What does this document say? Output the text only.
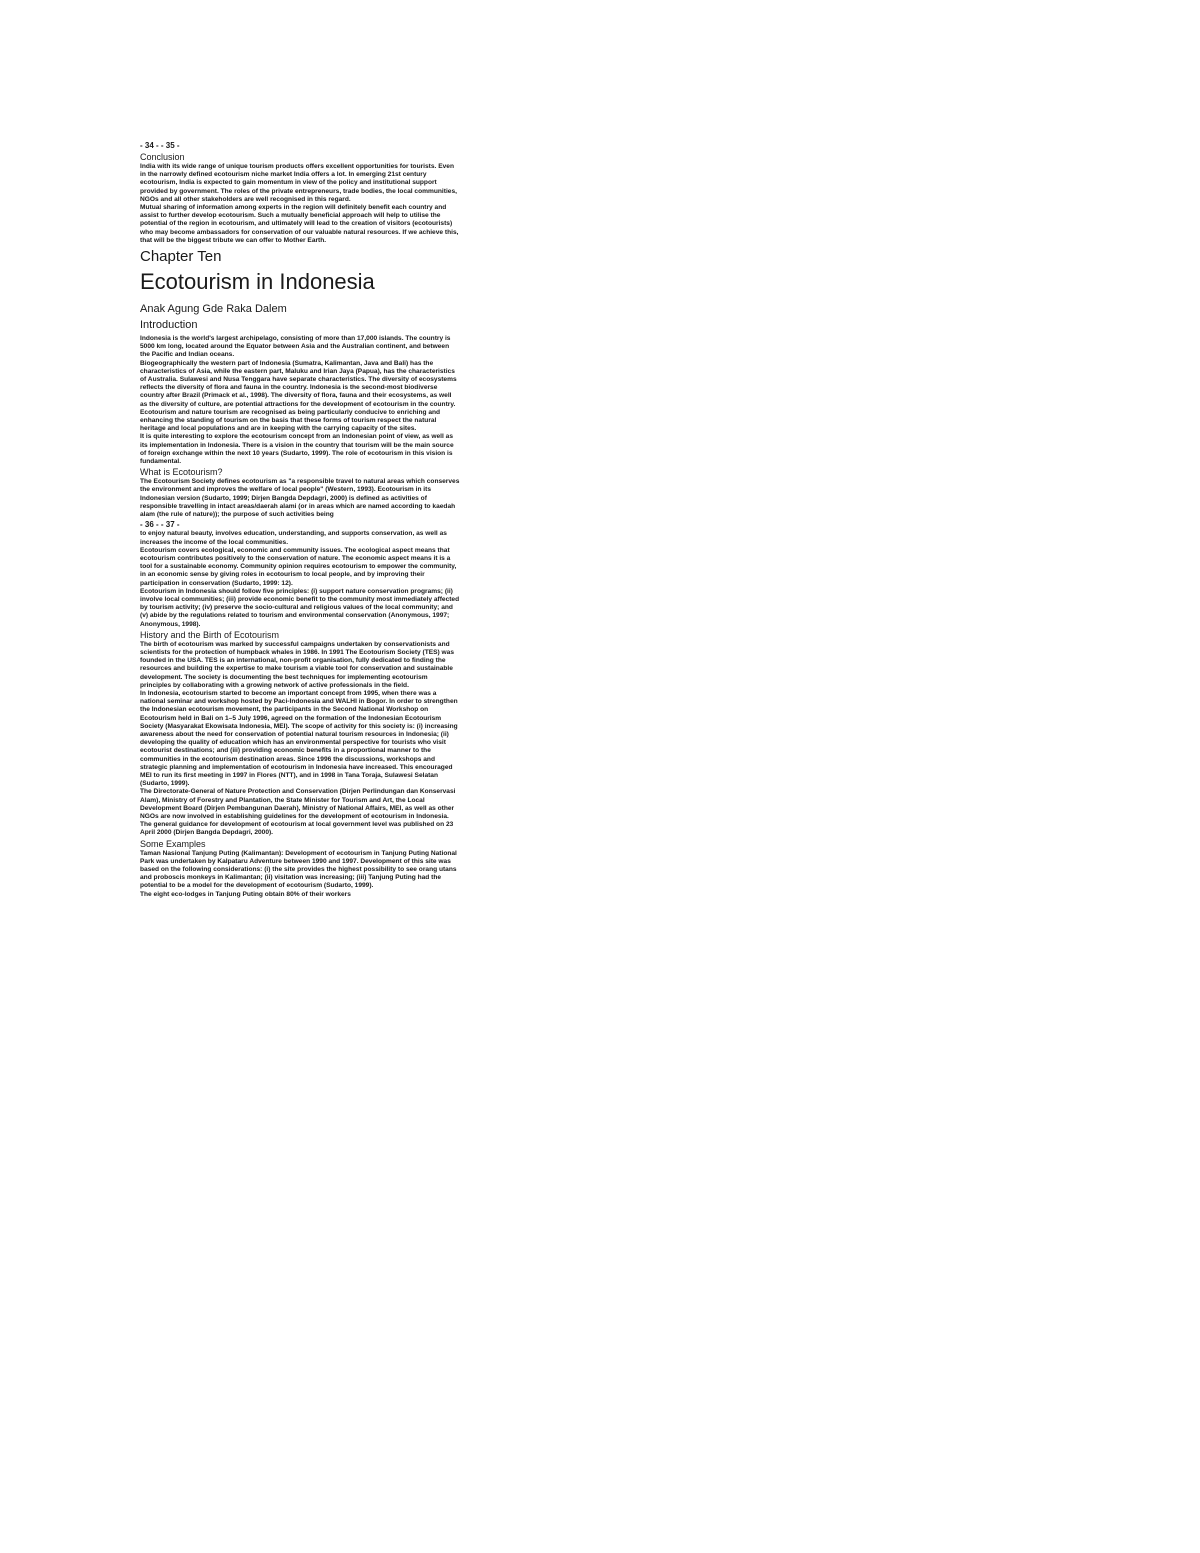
- 34 - - 35 -

Conclusion

India with its wide range of unique tourism products offers excellent opportunities for tourists. Even in the narrowly defined ecotourism niche market India offers a lot. In emerging 21st century ecotourism, India is expected to gain momentum in view of the policy and institutional support provided by government. The roles of the private entrepreneurs, trade bodies, the local communities, NGOs and all other stakeholders are well recognised in this regard.

Mutual sharing of information among experts in the region will definitely benefit each country and assist to further develop ecotourism. Such a mutually beneficial approach will help to utilise the potential of the region in ecotourism, and ultimately will lead to the creation of visitors (ecotourists) who may become ambassadors for conservation of our valuable natural resources. If we achieve this, that will be the biggest tribute we can offer to Mother Earth.

Chapter Ten
Ecotourism in Indonesia
Anak Agung Gde Raka Dalem
Introduction

Indonesia is the world's largest archipelago, consisting of more than 17,000 islands. The country is 5000 km long, located around the Equator between Asia and the Australian continent, and between the Pacific and Indian oceans.

Biogeographically the western part of Indonesia (Sumatra, Kalimantan, Java and Bali) has the characteristics of Asia, while the eastern part, Maluku and Irian Jaya (Papua), has the characteristics of Australia. Sulawesi and Nusa Tenggara have separate characteristics. The diversity of ecosystems reflects the diversity of flora and fauna in the country. Indonesia is the second-most biodiverse country after Brazil (Primack et al., 1998). The diversity of flora, fauna and their ecosystems, as well as the diversity of culture, are potential attractions for the development of ecotourism in the country.

Ecotourism and nature tourism are recognised as being particularly conducive to enriching and enhancing the standing of tourism on the basis that these forms of tourism respect the natural heritage and local populations and are in keeping with the carrying capacity of the sites.

It is quite interesting to explore the ecotourism concept from an Indonesian point of view, as well as its implementation in Indonesia. There is a vision in the country that tourism will be the main source of foreign exchange within the next 10 years (Sudarto, 1999). The role of ecotourism in this vision is fundamental.

What is Ecotourism?

The Ecotourism Society defines ecotourism as "a responsible travel to natural areas which conserves the environment and improves the welfare of local people" (Western, 1993). Ecotourism in its Indonesian version (Sudarto, 1999; Dirjen Bangda Depdagri, 2000) is defined as activities of responsible travelling in intact areas/daerah alami (or in areas which are named according to kaedah alam (the rule of nature)); the purpose of such activities being

- 36 - - 37 -

to enjoy natural beauty, involves education, understanding, and supports conservation, as well as increases the income of the local communities.

Ecotourism covers ecological, economic and community issues. The ecological aspect means that ecotourism contributes positively to the conservation of nature. The economic aspect means it is a tool for a sustainable economy. Community opinion requires ecotourism to empower the community, in an economic sense by giving roles in ecotourism to local people, and by improving their participation in conservation (Sudarto, 1999: 12).

Ecotourism in Indonesia should follow five principles: (i) support nature conservation programs; (ii) involve local communities; (iii) provide economic benefit to the community most immediately affected by tourism activity; (iv) preserve the socio-cultural and religious values of the local community; and (v) abide by the regulations related to tourism and environmental conservation (Anonymous, 1997; Anonymous, 1998).

History and the Birth of Ecotourism

The birth of ecotourism was marked by successful campaigns undertaken by conservationists and scientists for the protection of humpback whales in 1986. In 1991 The Ecotourism Society (TES) was founded in the USA. TES is an international, non-profit organisation, fully dedicated to finding the resources and building the expertise to make tourism a viable tool for conservation and sustainable development. The society is documenting the best techniques for implementing ecotourism principles by collaborating with a growing network of active professionals in the field.

In Indonesia, ecotourism started to become an important concept from 1995, when there was a national seminar and workshop hosted by Paci-Indonesia and WALHI in Bogor. In order to strengthen the Indonesian ecotourism movement, the participants in the Second National Workshop on Ecotourism held in Bali on 1–5 July 1996, agreed on the formation of the Indonesian Ecotourism Society (Masyarakat Ekowisata Indonesia, MEI). The scope of activity for this society is: (i) increasing awareness about the need for conservation of potential natural tourism resources in Indonesia; (ii) developing the quality of education which has an environmental perspective for tourists who visit ecotourist destinations; and (iii) providing economic benefits in a proportional manner to the communities in the ecotourism destination areas. Since 1996 the discussions, workshops and strategic planning and implementation of ecotourism in Indonesia have increased. This encouraged MEI to run its first meeting in 1997 in Flores (NTT), and in 1998 in Tana Toraja, Sulawesi Selatan (Sudarto, 1999).

The Directorate-General of Nature Protection and Conservation (Dirjen Perlindungan dan Konservasi Alam), Ministry of Forestry and Plantation, the State Minister for Tourism and Art, the Local Development Board (Dirjen Pembangunan Daerah), Ministry of National Affairs, MEI, as well as other NGOs are now involved in establishing guidelines for the development of ecotourism in Indonesia. The general guidance for development of ecotourism at local government level was published on 23 April 2000 (Dirjen Bangda Depdagri, 2000).

Some Examples

Taman Nasional Tanjung Puting (Kalimantan): Development of ecotourism in Tanjung Puting National Park was undertaken by Kalpataru Adventure between 1990 and 1997. Development of this site was based on the following considerations: (i) the site provides the highest possibility to see orang utans and proboscis monkeys in Kalimantan; (ii) visitation was increasing; (iii) Tanjung Puting had the potential to be a model for the development of ecotourism (Sudarto, 1999).

The eight eco-lodges in Tanjung Puting obtain 80% of their workers
